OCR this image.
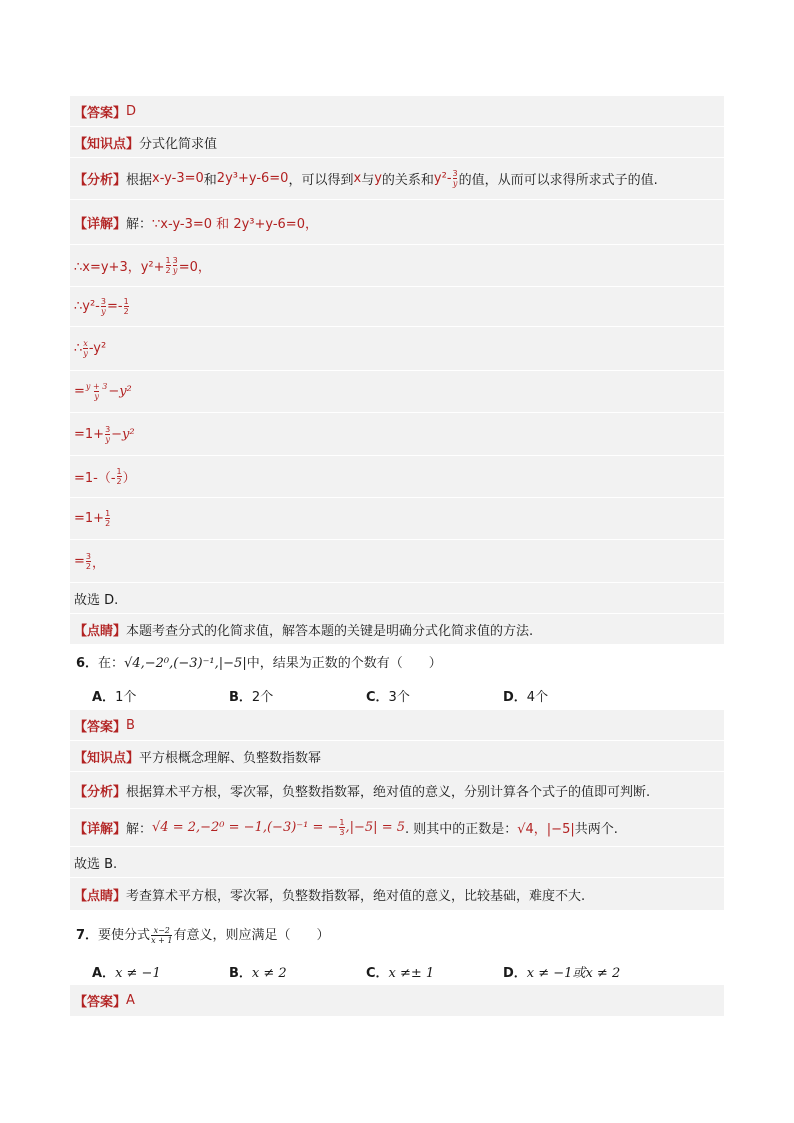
【答案】 D
【知识点】 分式化简求值
【分析】 根据 x-y-3=0 和 2y³+y-6=0 ，可以得到 x 与 y 的关系和 $y^2- \frac{3}{y}$ 的值，从而可以求得所求式子的值.
【详解】 解： ∵x-y-3=0 和 2y³+y-6=0，
∴x=y+3，$y^2+ \frac{1}{2} \frac{3}{y} =0$，
∴y²- $\frac{3}{y} =- \frac{1}{2}$
∴ $\frac{x}{y} -y^2$
= $\frac{y + 3}{y} -y^2$
$=1+ \frac{3}{y} -y^2$
$=1-(- \frac{1}{2}$ ）
$=1+ \frac{1}{2}$
= $\frac{3}{2}$ ，
故选 D.
【点睛】 本题考查分式的化简求值，解答本题的关键是明确分式化简求值的方法.
6．在：√4,−2⁰,(−3)⁻¹,|−5|中，结果为正数的个数有（　　）
A．1个	B．2个	C．3个	D．4个
【答案】 B
【知识点】 平方根概念理解、负整数指数幂
【分析】 根据算术平方根，零次幂，负整数指数幂，绝对值的意义，分别计算各个式子的值即可判断.
【详解】 解： √4 = 2,−2⁰ = −1,(−3)⁻¹ = − $\frac{1}{3} ,|-5| = 5$ . 则其中的正数是： √4，|−5| 共两个.
故选 B.
【点睛】 考查算术平方根，零次幂，负整数指数幂，绝对值的意义，比较基础，难度不大.
7．要使分式 $\frac{x-2}{x + 1}$ 有意义，则应满足（　　）
A．x ≠ −1	B．x ≠ 2	C．x ≠± 1	D．x ≠ −1或x ≠ 2
【答案】 A
